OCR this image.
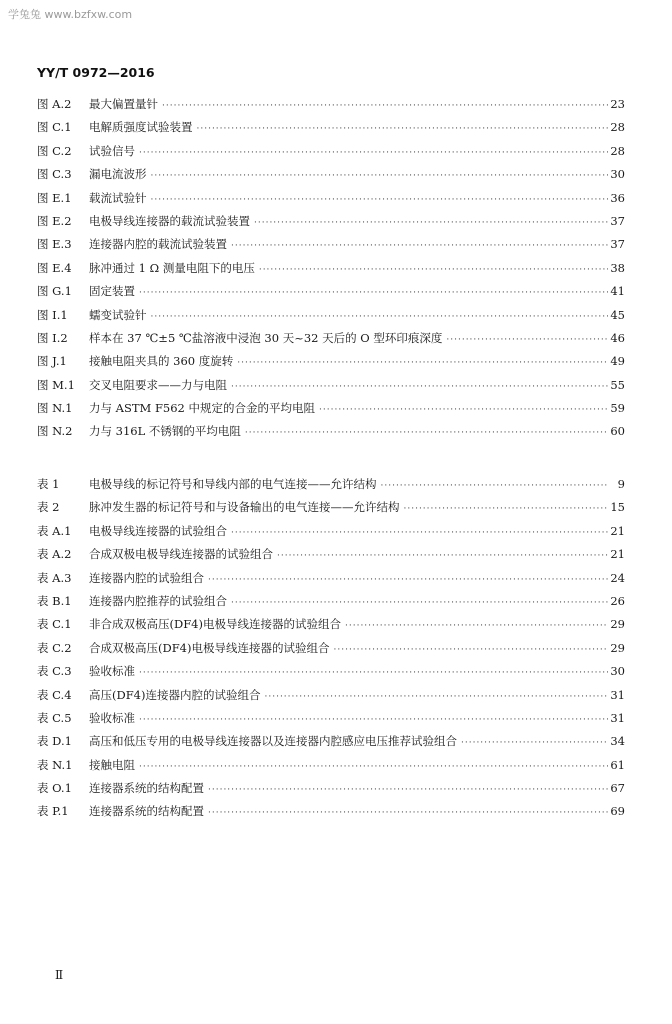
学兔兔 www.bzfxw.com
YY/T 0972—2016
图 A.2	最大偏置量针 ·····	23
图 C.1	电解质强度试验装置 ·····	28
图 C.2	试验信号 ·····	28
图 C.3	漏电流波形 ·····	30
图 E.1	载流试验针 ·····	36
图 E.2	电极导线连接器的载流试验装置 ·····	37
图 E.3	连接器内腔的载流试验装置 ·····	37
图 E.4	脉冲通过 1 Ω 测量电阻下的电压 ·····	38
图 G.1	固定装置 ·····	41
图 I.1	蠕变试验针 ·····	45
图 I.2	样本在 37 ℃±5 ℃盐溶液中浸泡 30 天~32 天后的 O 型环印痕深度 ·····	46
图 J.1	接触电阻夹具的 360 度旋转 ·····	49
图 M.1	交叉电阻要求——力与电阻 ·····	55
图 N.1	力与 ASTM F562 中规定的合金的平均电阻 ·····	59
图 N.2	力与 316L 不锈钢的平均电阻 ·····	60
表 1	电极导线的标记符号和导线内部的电气连接——允许结构 ·····	9
表 2	脉冲发生器的标记符号和与设备输出的电气连接——允许结构 ·····	15
表 A.1	电极导线连接器的试验组合 ·····	21
表 A.2	合成双极电极导线连接器的试验组合 ·····	21
表 A.3	连接器内腔的试验组合 ·····	24
表 B.1	连接器内腔推荐的试验组合 ·····	26
表 C.1	非合成双极高压(DF4)电极导线连接器的试验组合 ·····	29
表 C.2	合成双极高压(DF4)电极导线连接器的试验组合 ·····	29
表 C.3	验收标准 ·····	30
表 C.4	高压(DF4)连接器内腔的试验组合 ·····	31
表 C.5	验收标准 ·····	31
表 D.1	高压和低压专用的电极导线连接器以及连接器内腔感应电压推荐试验组合 ·····	34
表 N.1	接触电阻 ·····	61
表 O.1	连接器系统的结构配置 ·····	67
表 P.1	连接器系统的结构配置 ·····	69
Ⅱ
